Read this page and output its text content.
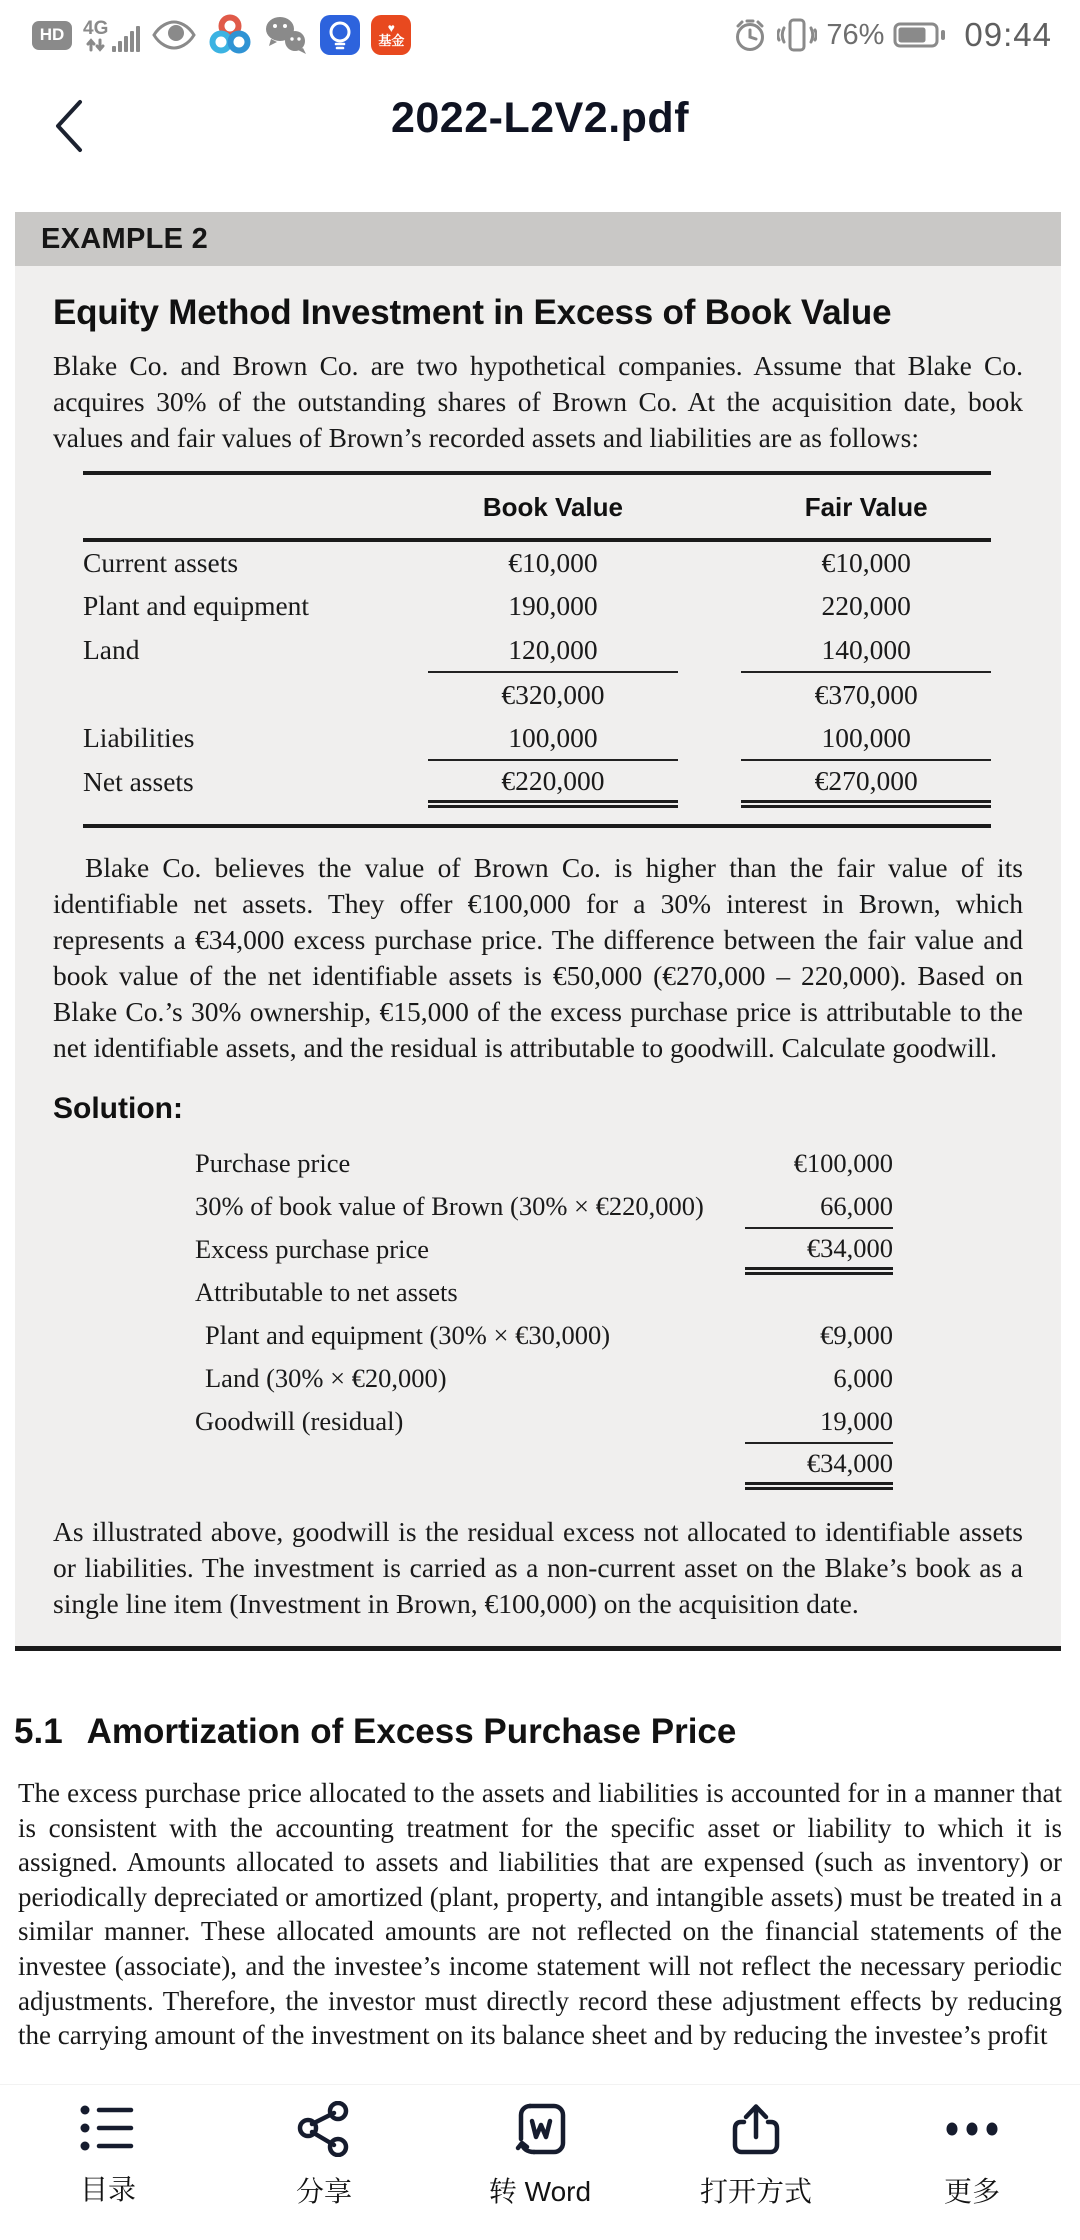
HD 4G	♥
基金	76% 09:44
2022-L2V2.pdf
EXAMPLE 2
Equity Method Investment in Excess of Book Value

Blake Co. and Brown Co. are two hypothetical companies. Assume that Blake Co. acquires 30% of the outstanding shares of Brown Co. At the acquisition date, book values and fair values of Brown’s recorded assets and liabilities are as follows:

	Book Value		Fair Value
Current assets	€10,000		€10,000
Plant and equipment	190,000		220,000
Land	120,000		140,000
	€320,000		€370,000
Liabilities	100,000		100,000
Net assets	€220,000		€270,000

Blake Co. believes the value of Brown Co. is higher than the fair value of its identifiable net assets. They offer €100,000 for a 30% interest in Brown, which represents a €34,000 excess purchase price. The difference between the fair value and book value of the net identifiable assets is €50,000 (€270,000 – 220,000). Based on Blake Co.’s 30% ownership, €15,000 of the excess purchase price is attributable to the net identifiable assets, and the residual is attributable to goodwill. Calculate goodwill.

Solution:
Purchase price	€100,000
30% of book value of Brown (30% × €220,000)	66,000
Excess purchase price	€34,000
Attributable to net assets	
Plant and equipment (30% × €30,000)	€9,000
Land (30% × €20,000)	6,000
Goodwill (residual)	19,000
	€34,000

As illustrated above, goodwill is the residual excess not allocated to identifiable assets or liabilities. The investment is carried as a non-current asset on the Blake’s book as a single line item (Investment in Brown, €100,000) on the acquisition date.

5.1 Amortization of Excess Purchase Price

The excess purchase price allocated to the assets and liabilities is accounted for in a manner that is consistent with the accounting treatment for the specific asset or liability to which it is assigned. Amounts allocated to assets and liabilities that are expensed (such as inventory) or periodically depreciated or amortized (plant, property, and intangible assets) must be treated in a similar manner. These allocated amounts are not reflected on the financial statements of the investee (associate), and the investee’s income statement will not reflect the necessary periodic adjustments. Therefore, the investor must directly record these adjustment effects by reducing the carrying amount of the investment on its balance sheet and by reducing the investee’s profit

目录	分享	转 Word	打开方式	更多
